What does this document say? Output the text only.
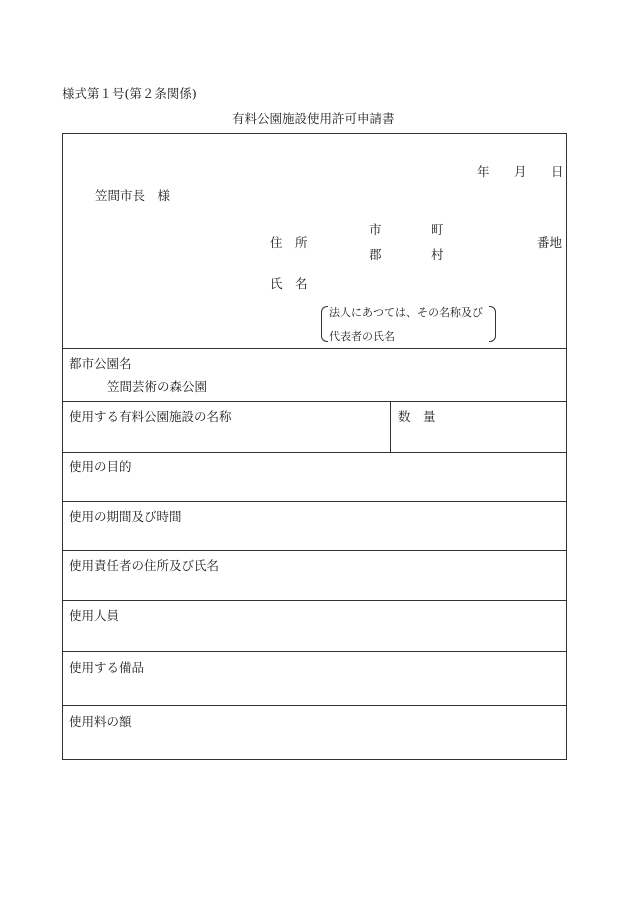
様式第１号(第２条関係)
有料公園施設使用許可申請書
年 月 日
笠間市長　様
住　所
市	町
郡	村
番地
氏　名
法人にあつては、その名称及び
代表者の氏名
都市公園名
笠間芸術の森公園
使用する有料公園施設の名称	数　量
使用の目的
使用の期間及び時間
使用責任者の住所及び氏名
使用人員
使用する備品
使用料の額
